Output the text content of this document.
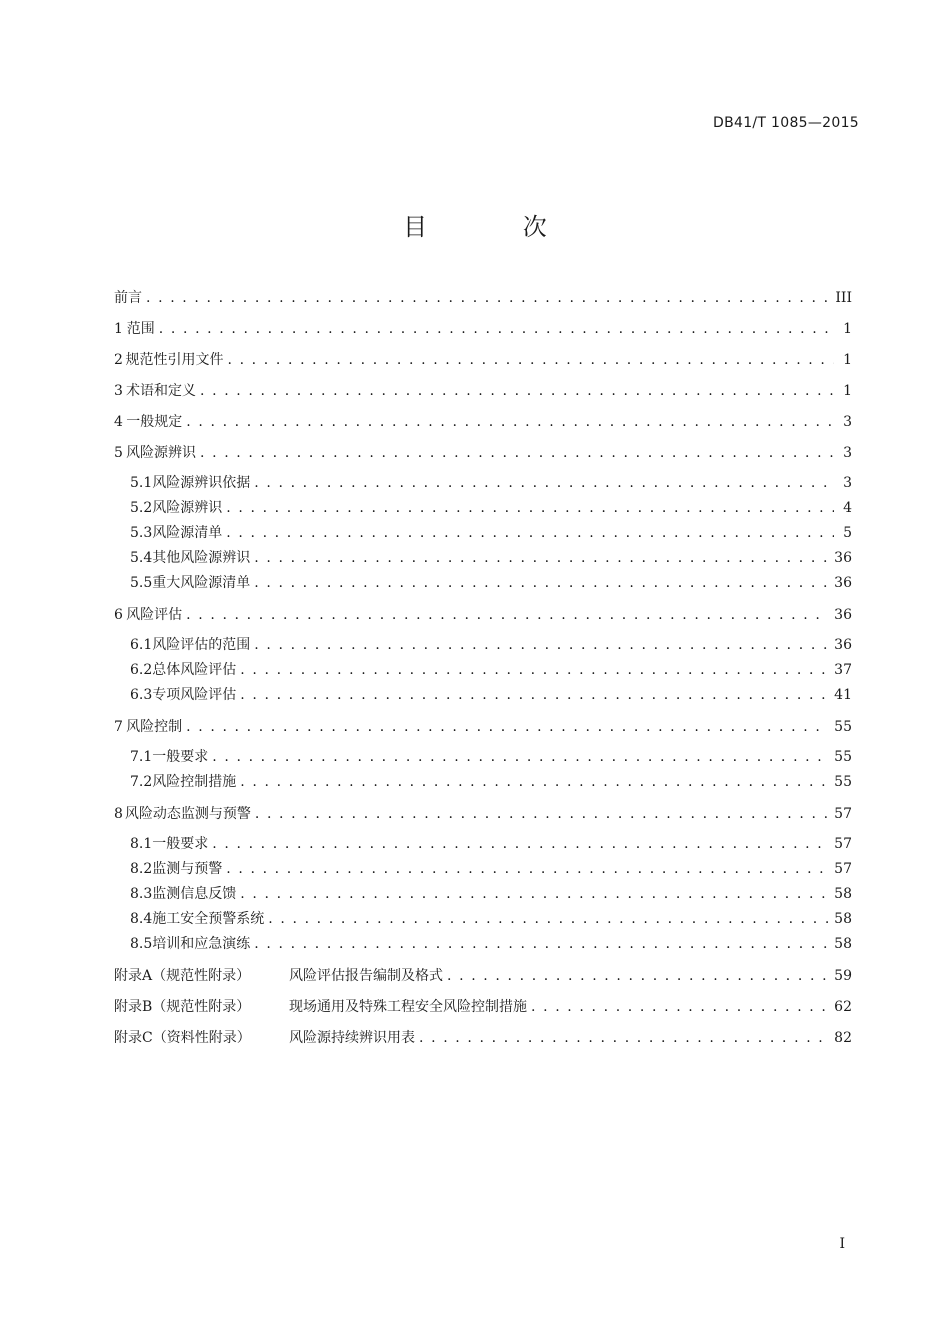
DB41/T 1085—2015
目 次
前言 . . .	III
1 范围 . . .	1
2 规范性引用文件 . . .	1
3 术语和定义 . . .	1
4 一般规定 . . .	3
5 风险源辨识 . . .	3
5.1 风险源辨识依据 . . .	3
5.2 风险源辨识 . . .	4
5.3 风险源清单 . . .	5
5.4 其他风险源辨识 . . .	36
5.5 重大风险源清单 . . .	36
6 风险评估 . . .	36
6.1 风险评估的范围 . . .	36
6.2 总体风险评估 . . .	37
6.3 专项风险评估 . . .	41
7 风险控制 . . .	55
7.1 一般要求 . . .	55
7.2 风险控制措施 . . .	55
8 风险动态监测与预警 . . .	57
8.1 一般要求 . . .	57
8.2 监测与预警 . . .	57
8.3 监测信息反馈 . . .	58
8.4 施工安全预警系统 . . .	58
8.5 培训和应急演练 . . .	58
附录A（规范性附录）	风险评估报告编制及格式 . . .	59
附录B（规范性附录）	现场通用及特殊工程安全风险控制措施 . . .	62
附录C（资料性附录）	风险源持续辨识用表 . . .	82
I
